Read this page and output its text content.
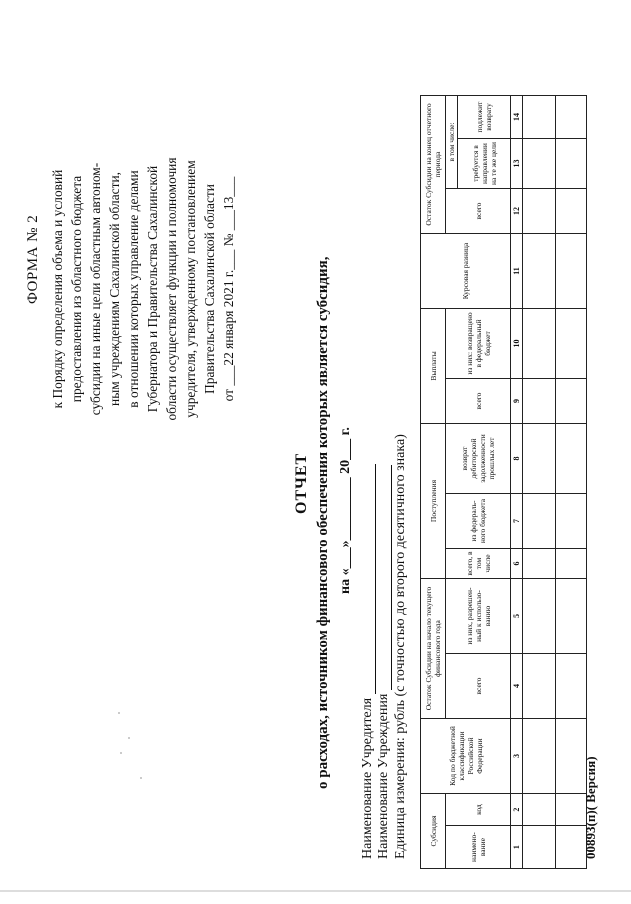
ФОРМА № 2 к Порядку определения объема и условий предоставления из областного бюджета субсидии на иные цели областным автоном- ным учреждениям Сахалинской области, в отношении которых управление делами Губернатора и Правительства Сахалинской области осуществляет функции и полномочия учредителя, утвержденному постановлением Правительства Сахалинской области от ___22 января 2021 г.___ № ___13___
ОТЧЕТ о расходах, источником финансового обеспечения которых является субсидия, на «___»_________ 20___ г.
Наименование Учредителя Наименование Учреждения Единица измерения: рубль (с точностью до второго десятичного знака)	Субсидия		Код по бюджетной классификации Российской Федерации	Остаток Субсидии на начало текущего финансового года		Поступления			Выплаты		Курсовая разница	Остаток Субсидии на конец отчетного периода		
наимено-вание	код		всего	из них, разрешен-ный к использо-ванию	всего, в том числе	из федераль-ного бюджета	возврат дебиторской задолженности прошлых лет	всего	из них: возвращено в федеральный бюджет		всего	в том числе:	
												требуется в направлении на те же цели	подлежит возврату
1	2	3	4	5	6	7	8	9	10	11	12	13	14

00893(п)( Версия)
